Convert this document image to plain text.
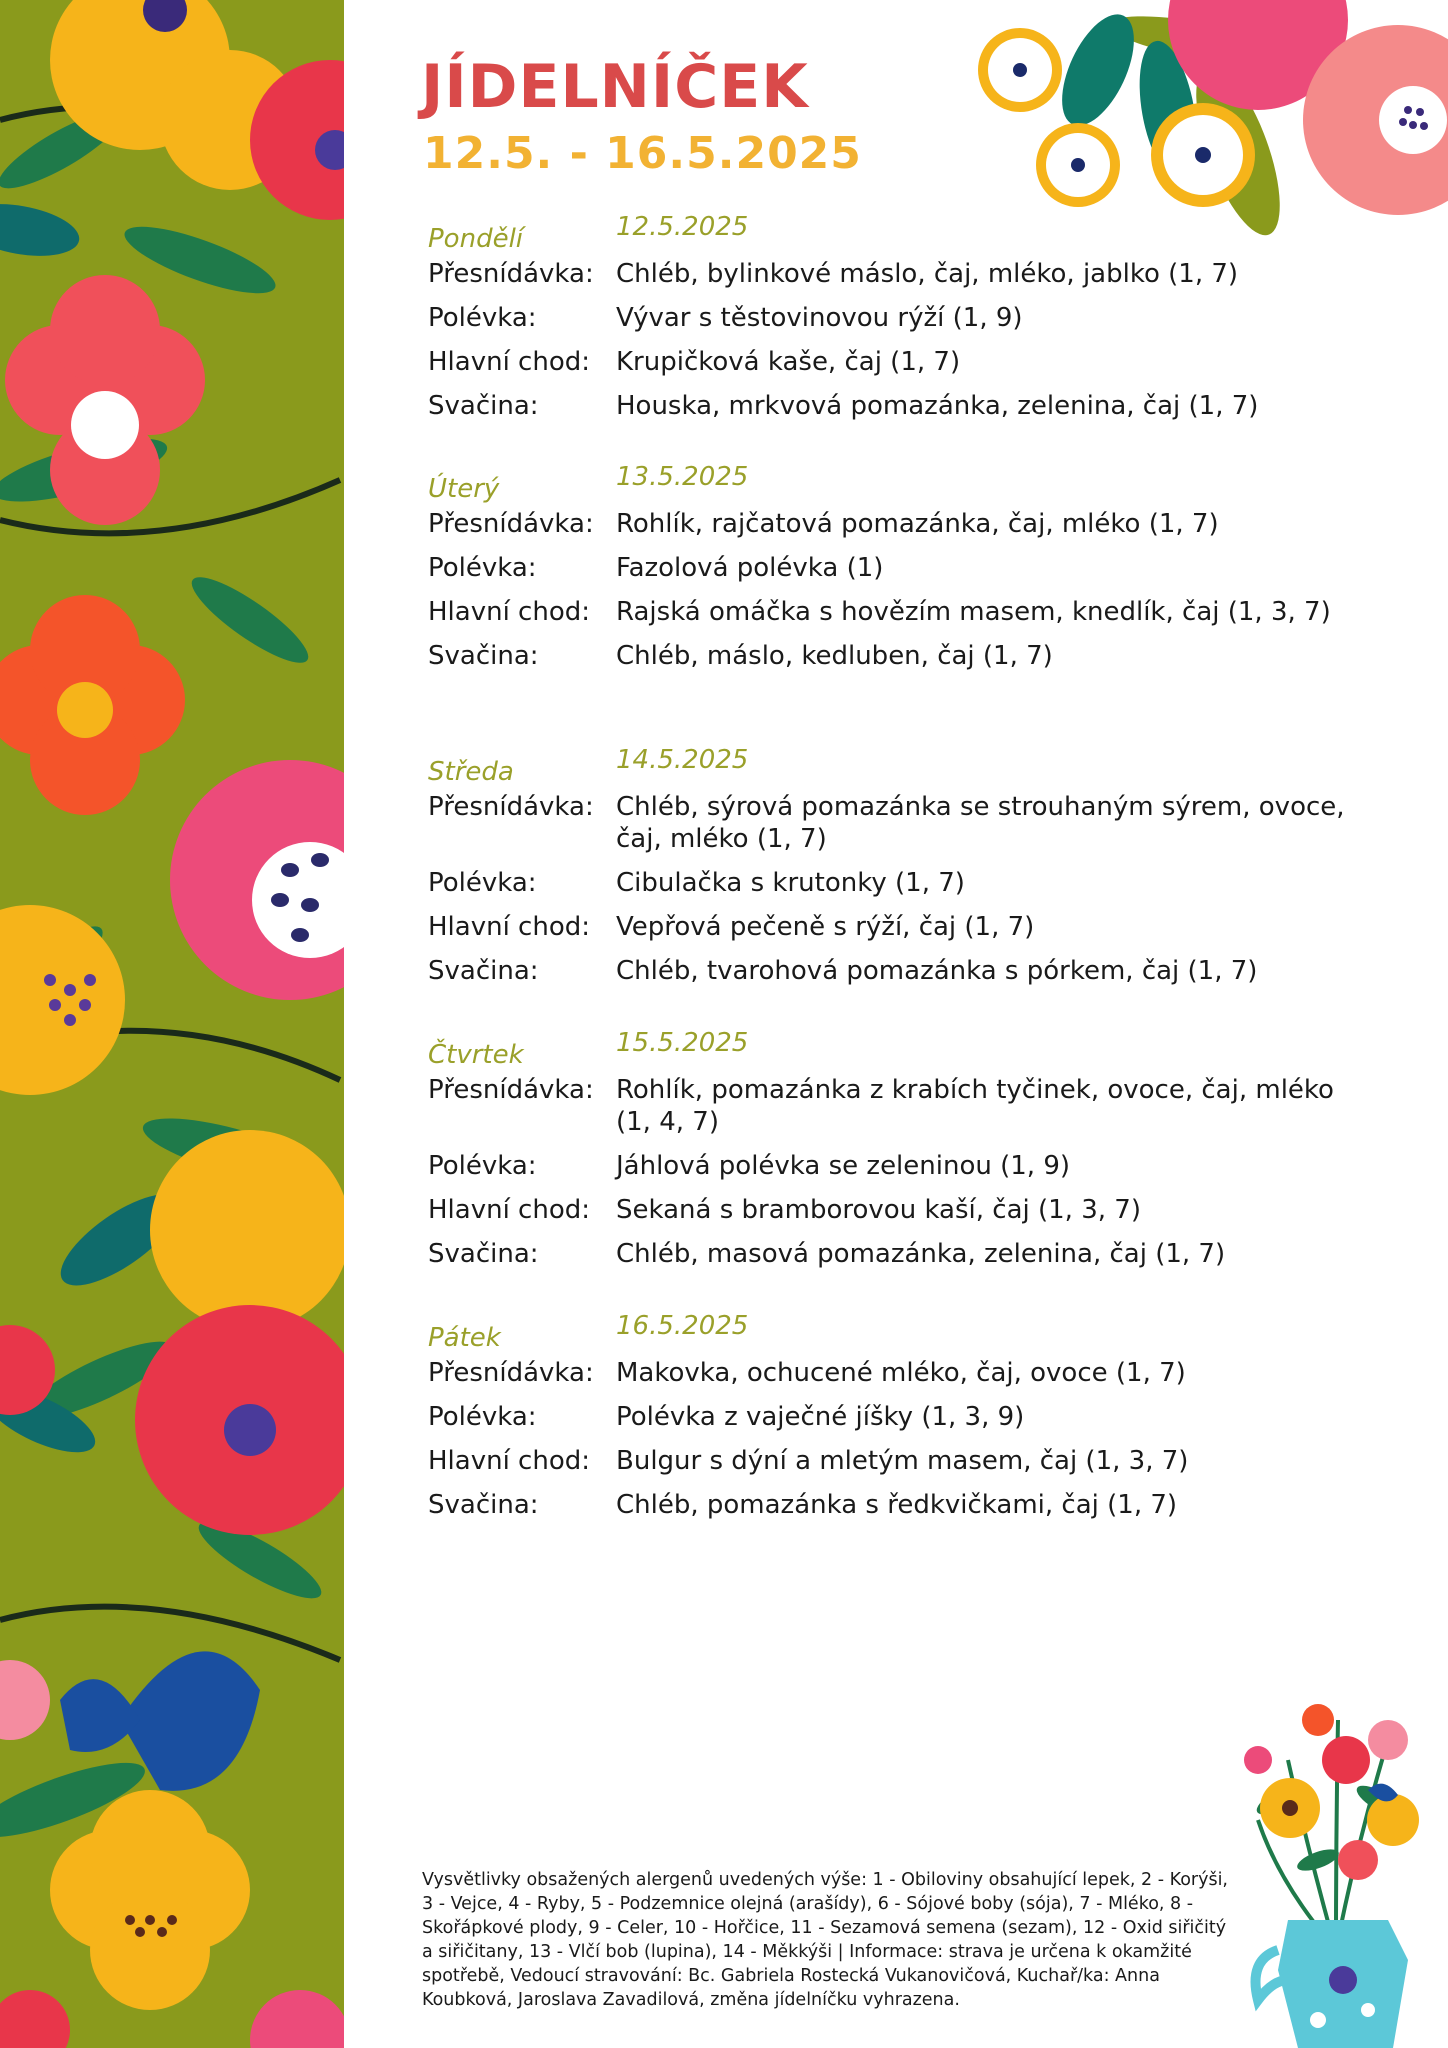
JÍDELNÍČEK
12.5. - 16.5.2025
Pondělí	12.5.2025
Přesnídávka: Chléb, bylinkové máslo, čaj, mléko, jablko (1, 7)
Polévka:	Vývar s těstovinovou rýží (1, 9)
Hlavní chod: Krupičková kaše, čaj (1, 7)
Svačina:	Houska, mrkvová pomazánka, zelenina, čaj (1, 7)
Úterý	13.5.2025
Přesnídávka: Rohlík, rajčatová pomazánka, čaj, mléko (1, 7)
Polévka:	Fazolová polévka (1)
Hlavní chod: Rajská omáčka s hovězím masem, knedlík, čaj (1, 3, 7)
Svačina:	Chléb, máslo, kedluben, čaj (1, 7)
Středa	14.5.2025
Přesnídávka: Chléb, sýrová pomazánka se strouhaným sýrem, ovoce, čaj, mléko (1, 7)
Polévka:	Cibulačka s krutonky (1, 7)
Hlavní chod: Vepřová pečeně s rýží, čaj (1, 7)
Svačina:	Chléb, tvarohová pomazánka s pórkem, čaj (1, 7)
Čtvrtek	15.5.2025
Přesnídávka: Rohlík, pomazánka z krabích tyčinek, ovoce, čaj, mléko (1, 4, 7)
Polévka:	Jáhlová polévka se zeleninou (1, 9)
Hlavní chod: Sekaná s bramborovou kaší, čaj (1, 3, 7)
Svačina:	Chléb, masová pomazánka, zelenina, čaj (1, 7)
Pátek	16.5.2025
Přesnídávka: Makovka, ochucené mléko, čaj, ovoce (1, 7)
Polévka:	Polévka z vaječné jíšky (1, 3, 9)
Hlavní chod: Bulgur s dýní a mletým masem, čaj (1, 3, 7)
Svačina:	Chléb, pomazánka s ředkvičkami, čaj (1, 7)
Vysvětlivky obsažených alergenů uvedených výše: 1 - Obiloviny obsahující lepek, 2 - Korýši, 3 - Vejce, 4 - Ryby, 5 - Podzemnice olejná (arašídy), 6 - Sójové boby (sója), 7 - Mléko, 8 - Skořápkové plody, 9 - Celer, 10 - Hořčice, 11 - Sezamová semena (sezam), 12 - Oxid siřičitý a siřičitany, 13 - Vlčí bob (lupina), 14 - Měkkýši | Informace: strava je určena k okamžité spotřebě, Vedoucí stravování: Bc. Gabriela Rostecká Vukanovičová, Kuchař/ka: Anna Koubková, Jaroslava Zavadilová, změna jídelníčku vyhrazena.
